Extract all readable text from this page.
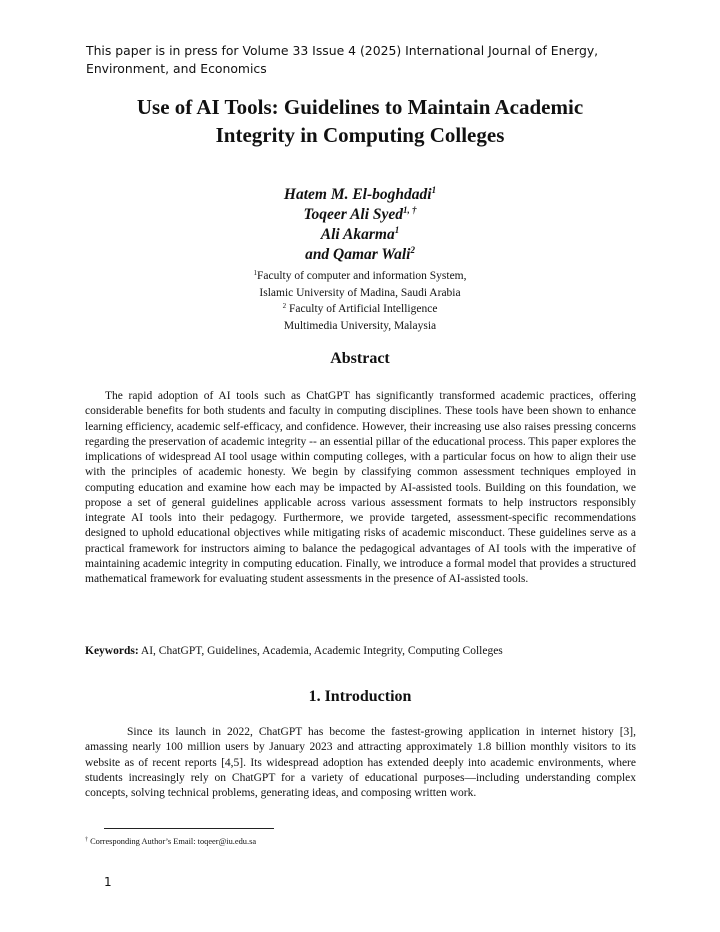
This paper is in press for Volume 33 Issue 4 (2025) International Journal of Energy, Environment, and Economics
Use of AI Tools: Guidelines to Maintain Academic
Integrity in Computing Colleges
Hatem M. El-boghdadi$^1$
Toqeer Ali Syed$^{1, \dagger}$
Ali Akarma$^1$
and Qamar Wali$^2$
$^1$Faculty of computer and information System,
Islamic University of Madina, Saudi Arabia
$^2$ Faculty of Artificial Intelligence
Multimedia University, Malaysia
Abstract

The rapid adoption of AI tools such as ChatGPT has significantly transformed academic practices, offering considerable benefits for both students and faculty in computing disciplines. These tools have been shown to enhance learning efficiency, academic self-efficacy, and confidence. However, their increasing use also raises pressing concerns regarding the preservation of academic integrity -- an essential pillar of the educational process. This paper explores the implications of widespread AI tool usage within computing colleges, with a particular focus on how to align their use with the principles of academic honesty. We begin by classifying common assessment techniques employed in computing education and examine how each may be impacted by AI-assisted tools. Building on this foundation, we propose a set of general guidelines applicable across various assessment formats to help instructors responsibly integrate AI tools into their pedagogy. Furthermore, we provide targeted, assessment-specific recommendations designed to uphold educational objectives while mitigating risks of academic misconduct. These guidelines serve as a practical framework for instructors aiming to balance the pedagogical advantages of AI tools with the imperative of maintaining academic integrity in computing education. Finally, we introduce a formal model that provides a structured mathematical framework for evaluating student assessments in the presence of AI-assisted tools.

Keywords: AI, ChatGPT, Guidelines, Academia, Academic Integrity, Computing Colleges
1. Introduction

Since its launch in 2022, ChatGPT has become the fastest-growing application in internet history [3], amassing nearly 100 million users by January 2023 and attracting approximately 1.8 billion monthly visitors to its website as of recent reports [4,5]. Its widespread adoption has extended deeply into academic environments, where students increasingly rely on ChatGPT for a variety of educational purposes—including understanding complex concepts, solving technical problems, generating ideas, and composing written work.

† Corresponding Author’s Email: toqeer@iu.edu.sa
1
